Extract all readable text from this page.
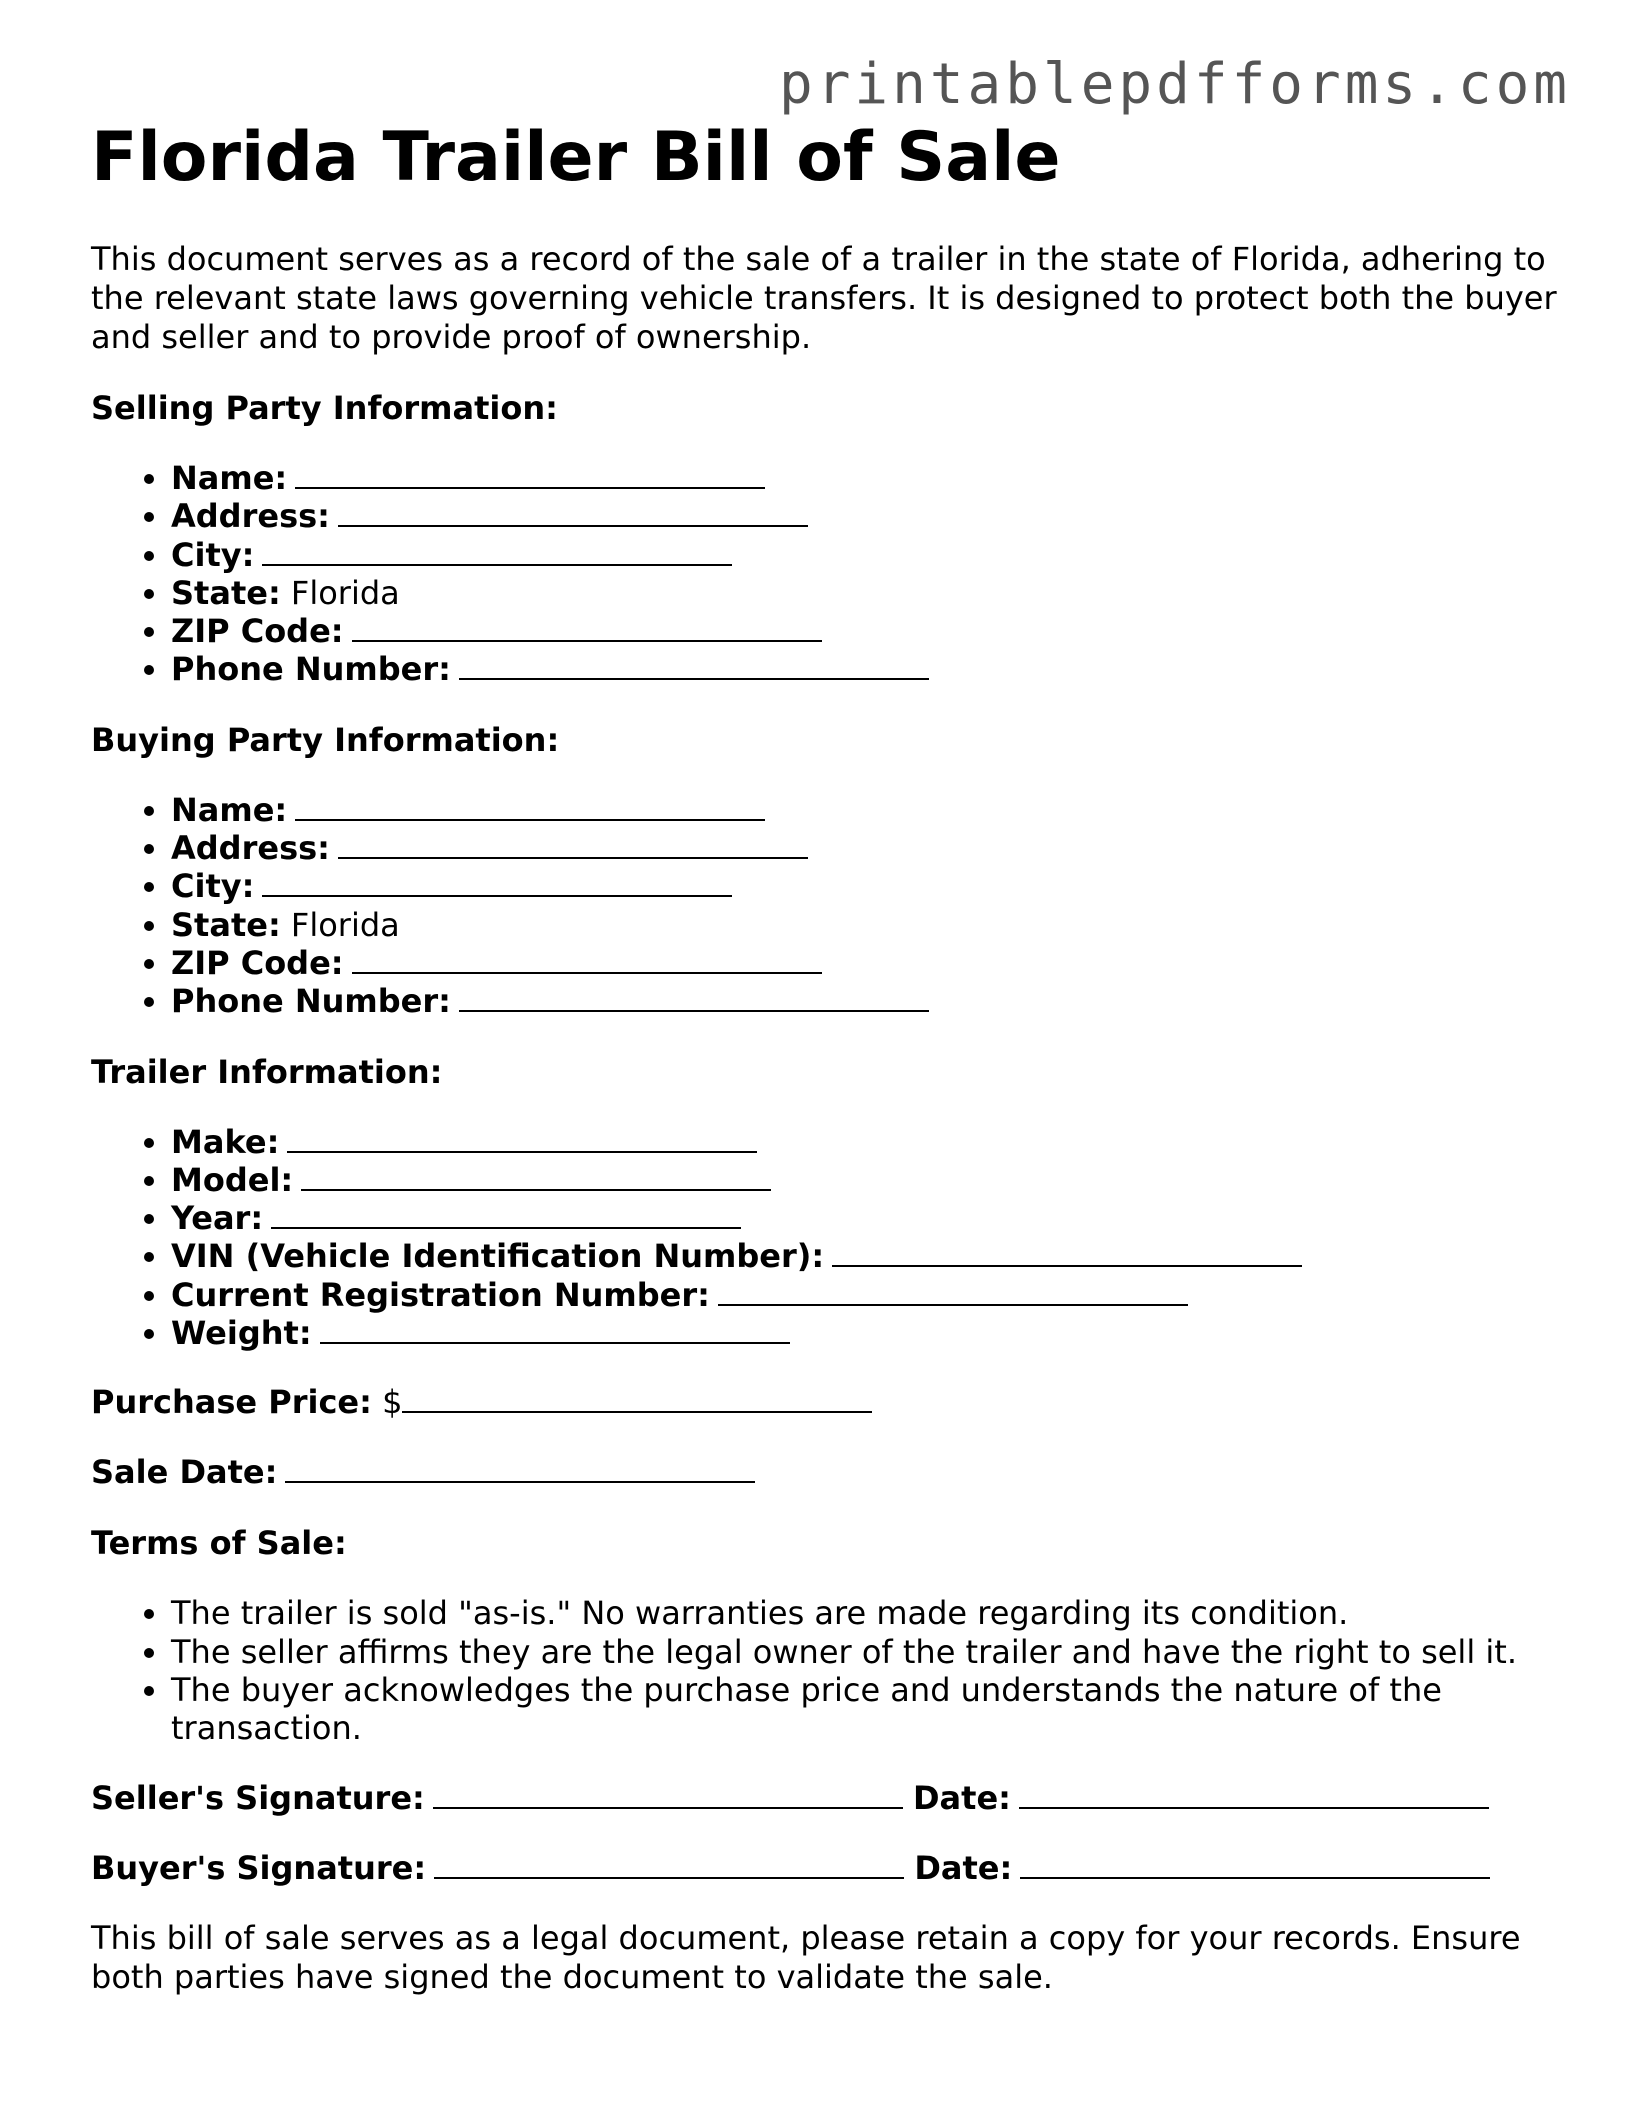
printablepdfforms.com
Florida Trailer Bill of Sale

This document serves as a record of the sale of a trailer in the state of Florida, adhering to the relevant state laws governing vehicle transfers. It is designed to protect both the buyer and seller and to provide proof of ownership.

Selling Party Information:

• Name:
• Address:
• City:
• State: Florida
• ZIP Code:
• Phone Number:

Buying Party Information:

• Name:
• Address:
• City:
• State: Florida
• ZIP Code:
• Phone Number:

Trailer Information:

• Make:
• Model:
• Year:
• VIN (Vehicle Identification Number):
• Current Registration Number:
• Weight:

Purchase Price: $

Sale Date:

Terms of Sale:

• The trailer is sold "as-is." No warranties are made regarding its condition.
• The seller affirms they are the legal owner of the trailer and have the right to sell it.
• The buyer acknowledges the purchase price and understands the nature of the transaction.

Seller's Signature:	Date:

Buyer's Signature:	Date:

This bill of sale serves as a legal document, please retain a copy for your records. Ensure both parties have signed the document to validate the sale.
